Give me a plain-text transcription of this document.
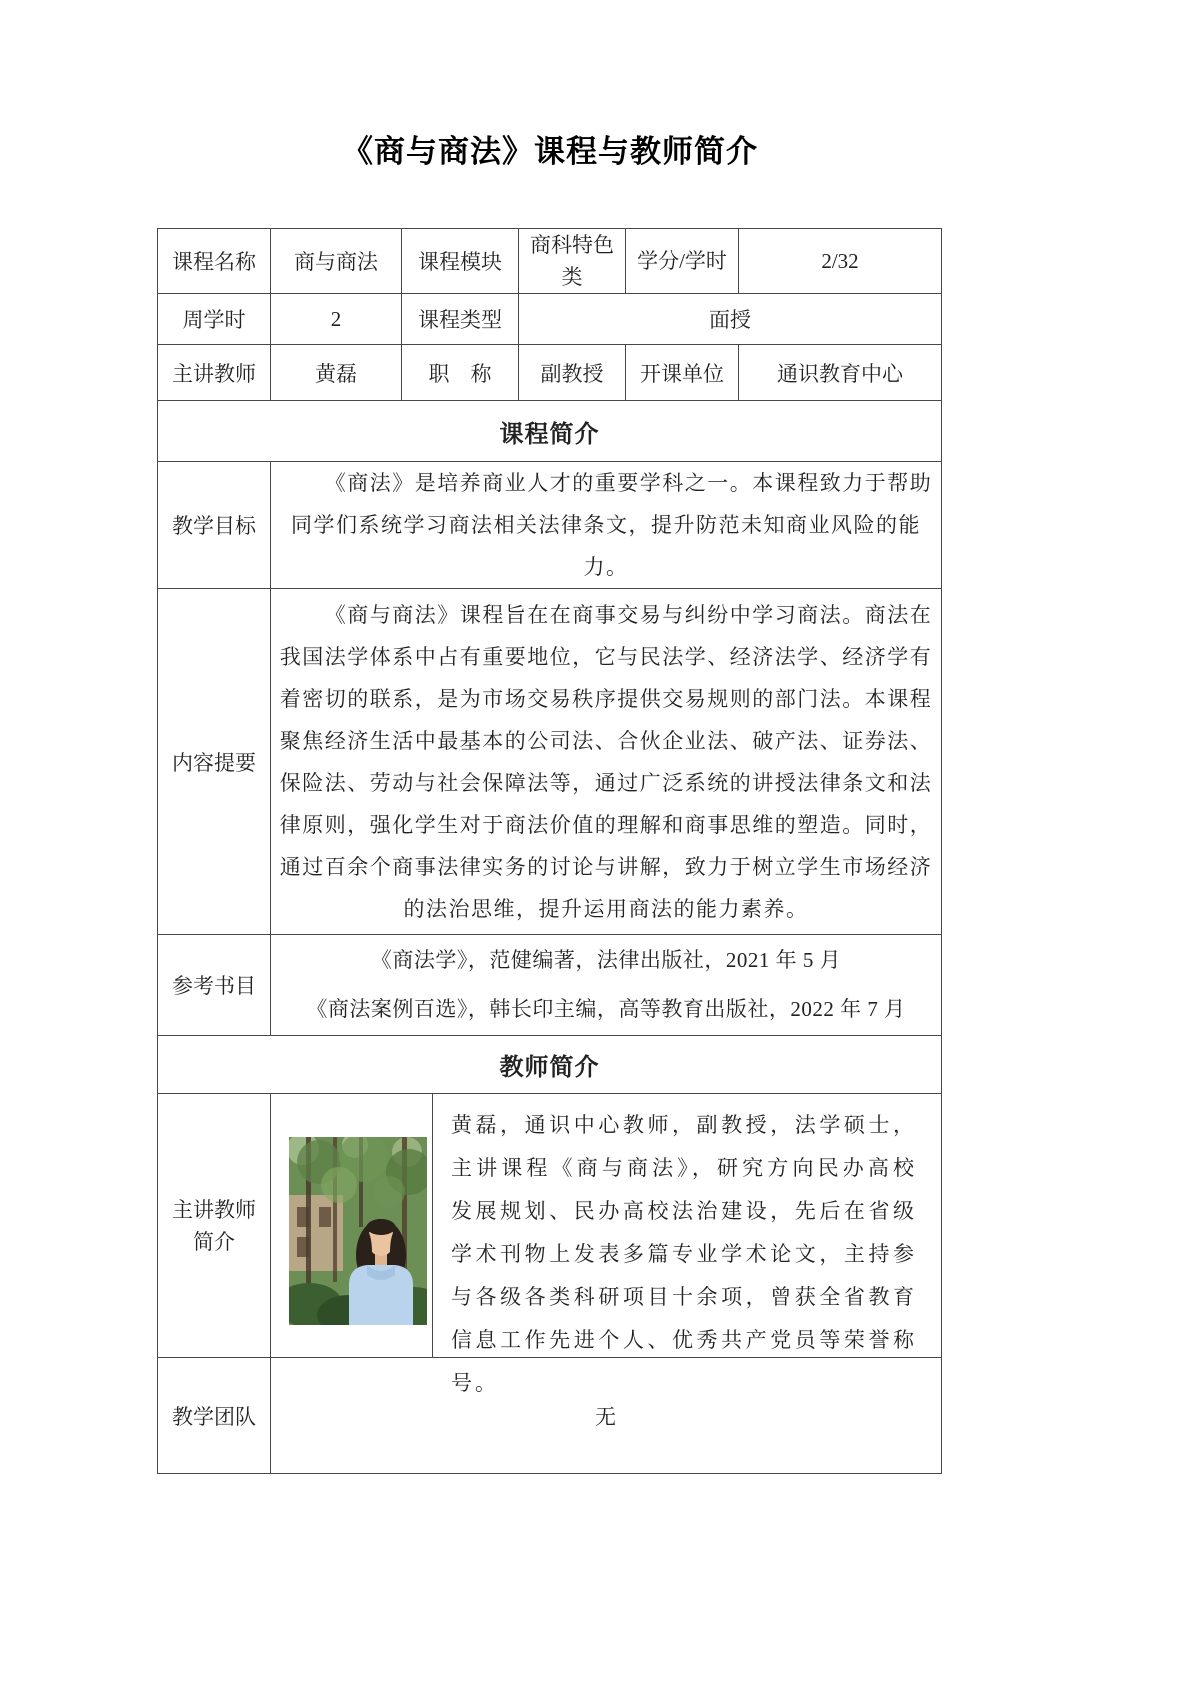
《商与商法》课程与教师简介
课程名称	商与商法	课程模块	商科特色类	学分/学时	2/32
周学时	2	课程类型	面授		
主讲教师	黄磊	职　称	副教授	开课单位	通识教育中心
课程简介					
教学目标	《商法》是培养商业人才的重要学科之一。本课程致力于帮助同学们系统学习商法相关法律条文，提升防范未知商业风险的能力。				

内容提要	《商与商法》课程旨在在商事交易与纠纷中学习商法。商法在我国法学体系中占有重要地位，它与民法学、经济法学、经济学有着密切的联系，是为市场交易秩序提供交易规则的部门法。本课程聚焦经济生活中最基本的公司法、合伙企业法、破产法、证券法、保险法、劳动与社会保障法等，通过广泛系统的讲授法律条文和法律原则，强化学生对于商法价值的理解和商事思维的塑造。同时，通过百余个商事法律实务的讨论与讲解，致力于树立学生市场经济的法治思维，提升运用商法的能力素养。				

参考书目	《商法学》，范健编著，法律出版社，2021 年 5 月
《商法案例百选》，韩长印主编，高等教育出版社，2022 年 7 月				

教师简介					
主讲教师简介	黄磊，通识中心教师，副教授，法学硕士，主讲课程《商与商法》，研究方向民办高校发展规划、民办高校法治建设，先后在省级学术刊物上发表多篇专业学术论文，主持参与各级各类科研项目十余项，曾获全省教育信息工作先进个人、优秀共产党员等荣誉称号。				

教学团队	无				
